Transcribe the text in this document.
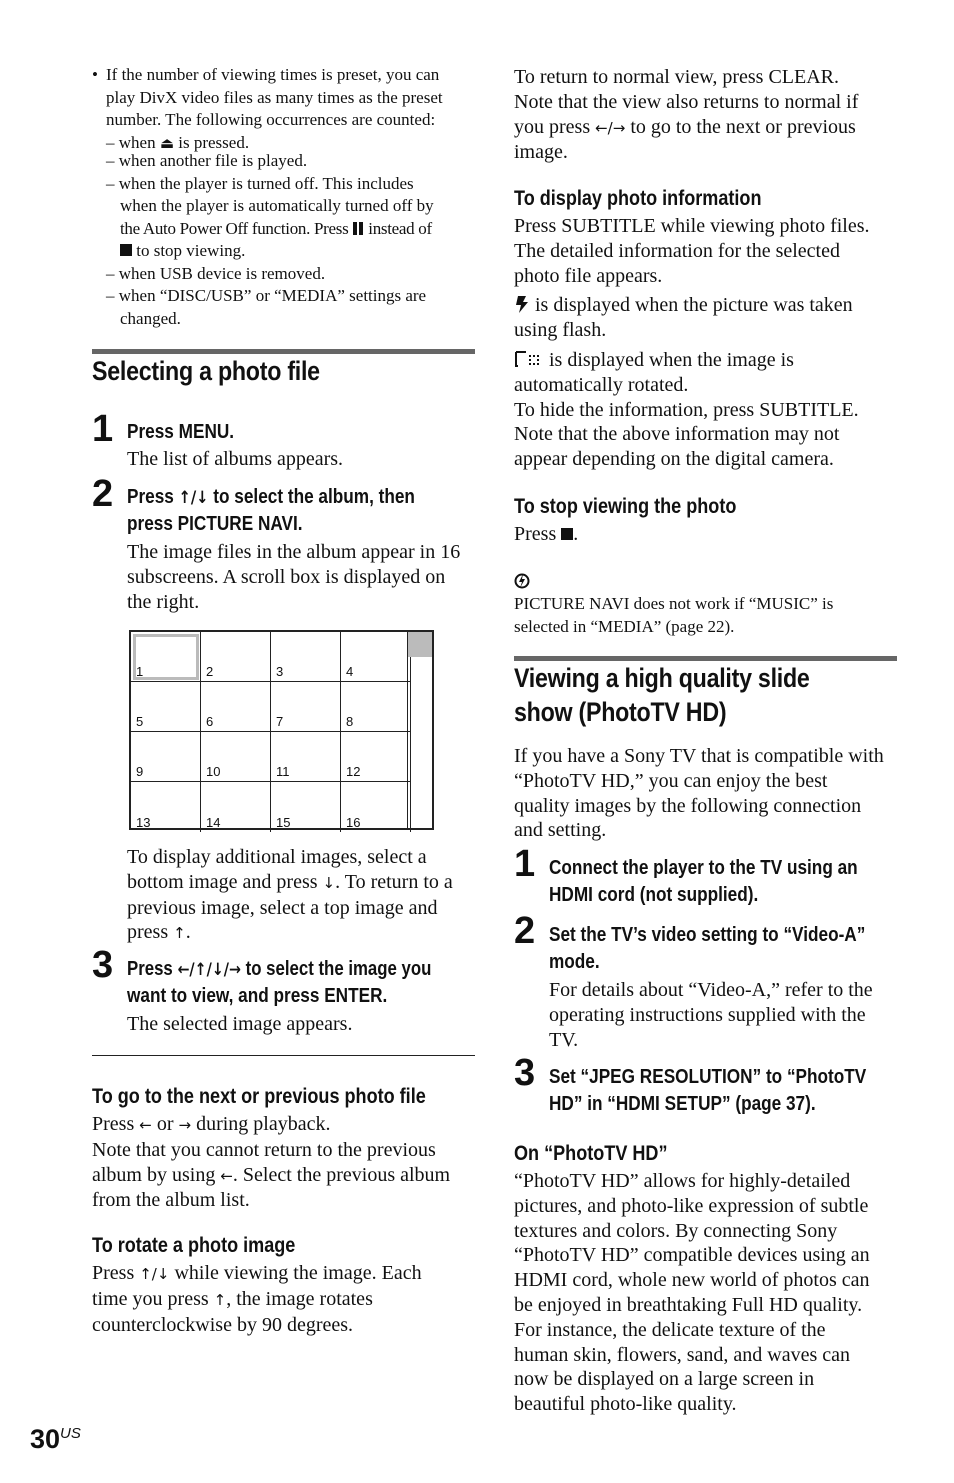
• If the number of viewing times is preset, you can
play DivX video files as many times as the preset
number. The following occurrences are counted:
– when ⏏ is pressed.
– when another file is played.
– when the player is turned off. This includes
when the player is automatically turned off by
the Auto Power Off function. Press  instead of
to stop viewing.
– when USB device is removed.
– when “DISC/USB” or “MEDIA” settings are
changed.
Selecting a photo file
1 Press MENU.
The list of albums appears.
2 Press ↑/↓ to select the album, then
press PICTURE NAVI.
The image files in the album appear in 16
subscreens. A scroll box is displayed on
the right.
1	2	3	4
5	6	7	8
9	10	11	12
13	14	15	16
To display additional images, select a
bottom image and press ↓. To return to a
previous image, select a top image and
press ↑.
3 Press ←/↑/↓/→ to select the image you
want to view, and press ENTER.
The selected image appears.
To go to the next or previous photo file
Press ← or → during playback.
Note that you cannot return to the previous
album by using ←. Select the previous album
from the album list.
To rotate a photo image
Press ↑/↓ while viewing the image. Each
time you press ↑, the image rotates
counterclockwise by 90 degrees.
To return to normal view, press CLEAR.
Note that the view also returns to normal if
you press ←/→ to go to the next or previous
image.
To display photo information
Press SUBTITLE while viewing photo files.
The detailed information for the selected
photo file appears.
is displayed when the picture was taken
using flash.
is displayed when the image is
automatically rotated.
To hide the information, press SUBTITLE.
Note that the above information may not
appear depending on the digital camera.
To stop viewing the photo
Press .
PICTURE NAVI does not work if “MUSIC” is
selected in “MEDIA” (page 22).
Viewing a high quality slide
show (PhotoTV HD)
If you have a Sony TV that is compatible with
“PhotoTV HD,” you can enjoy the best
quality images by the following connection
and setting.
1 Connect the player to the TV using an
HDMI cord (not supplied).
2 Set the TV’s video setting to “Video-A”
mode.
For details about “Video-A,” refer to the
operating instructions supplied with the
TV.
3 Set “JPEG RESOLUTION” to “PhotoTV
HD” in “HDMI SETUP” (page 37).
On “PhotoTV HD”
“PhotoTV HD” allows for highly-detailed
pictures, and photo-like expression of subtle
textures and colors. By connecting Sony
“PhotoTV HD” compatible devices using an
HDMI cord, whole new world of photos can
be enjoyed in breathtaking Full HD quality.
For instance, the delicate texture of the
human skin, flowers, sand, and waves can
now be displayed on a large screen in
beautiful photo-like quality.
$30^{US}$
